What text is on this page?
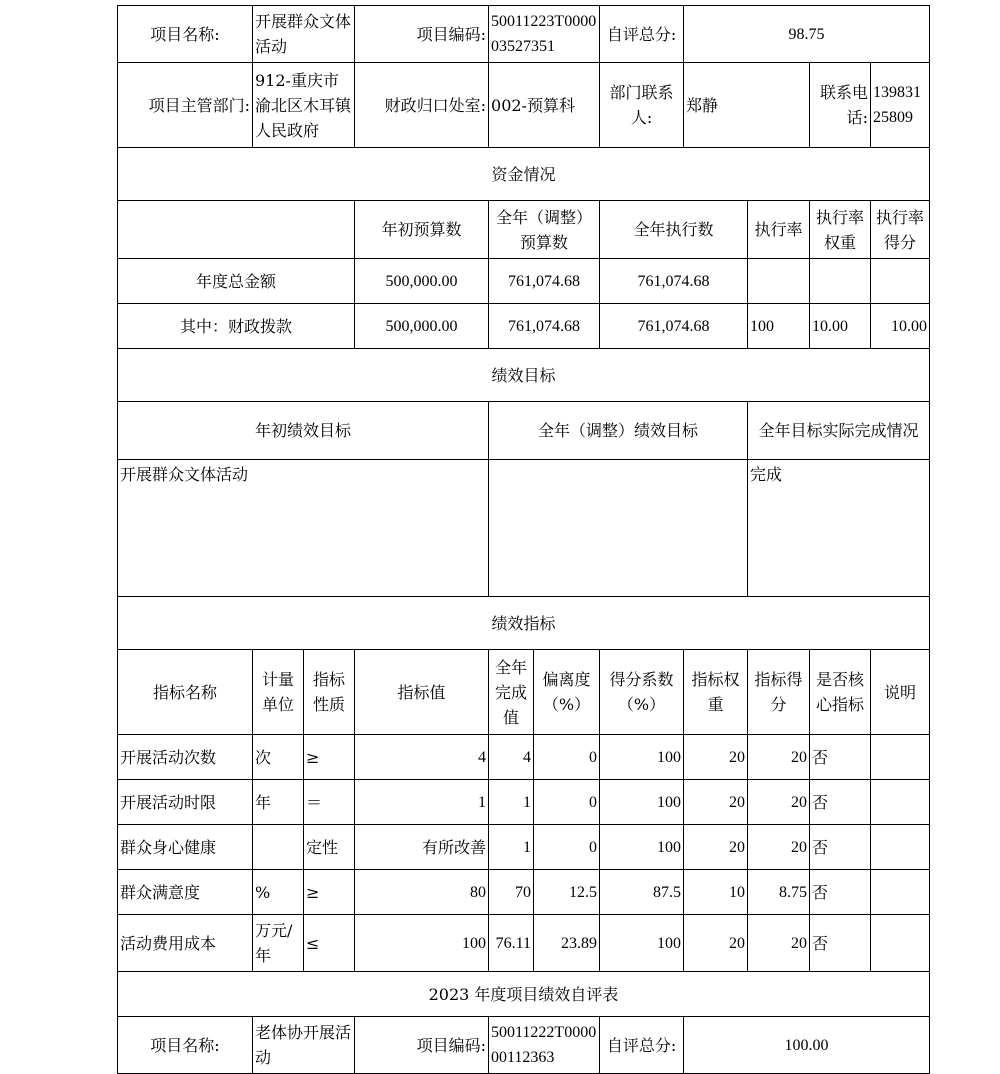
项目名称:	开展群众文体活动		项目编码:	50011223T000003527351		自评总分:	98.75			
项目主管部门:	912-重庆市渝北区木耳镇人民政府		财政归口处室:	002-预算科		部门联系人:	郑静		联系电话:	13983125809
资金情况										
			年初预算数	全年（调整）预算数		全年执行数		执行率	执行率权重	执行率得分
年度总金额			500,000.00	761,074.68		761,074.68				
其中：财政拨款			500,000.00	761,074.68		761,074.68		100	10.00	10.00
绩效目标										
年初绩效目标				全年（调整）绩效目标				全年目标实际完成情况		
开展群众文体活动								完成		
绩效指标										
指标名称	计量单位	指标性质	指标值	全年完成值	偏离度（%）	得分系数（%）	指标权重	指标得分	是否核心指标	说明
开展活动次数	次	≥	4	4	0	100	20	20	否	
开展活动时限	年	＝	1	1	0	100	20	20	否	
群众身心健康		定性	有所改善	1	0	100	20	20	否	
群众满意度	%	≥	80	70	12.5	87.5	10	8.75	否	
活动费用成本	万元/年	≤	100	76.11	23.89	100	20	20	否	
2023 年度项目绩效自评表										
项目名称:	老体协开展活动		项目编码:	50011222T000000112363		自评总分:	100.00			
